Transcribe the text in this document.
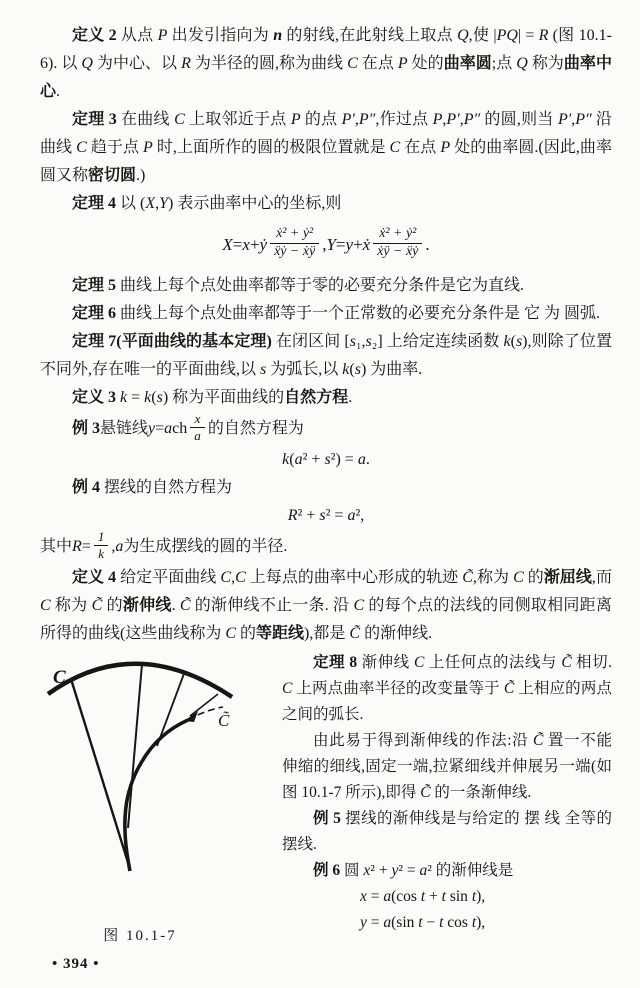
定义 2 从点 P 出发引指向为 n 的射线,在此射线上取点 Q,使 |PQ| = R (图 10.1-6). 以 Q 为中心、以 R 为半径的圆,称为曲线 C 在点 P 处的曲率圆;点 Q 称为曲率中心.

定理 3 在曲线 C 上取邻近于点 P 的点 P′,P″,作过点 P,P′,P″ 的圆,则当 P′,P″ 沿曲线 C 趋于点 P 时,上面所作的圆的极限位置就是 C 在点 P 处的曲率圆.(因此,曲率圆又称密切圆.)

定理 4 以 (X,Y) 表示曲率中心的坐标,则

X = x + ẏ $\frac{\text{ẋ² + ẏ²}}{\text{ẍẏ − ẋÿ}}$ , Y = y + ẋ $\frac{\text{ẋ² + ẏ²}}{\text{ẋÿ − ẍẏ}}$ .

定理 5 曲线上每个点处曲率都等于零的必要充分条件是它为直线.

定理 6 曲线上每个点处曲率都等于一个正常数的必要充分条件是 它 为 圆弧.

定理 7(平面曲线的基本定理) 在闭区间 [s₁,s₂] 上给定连续函数 k(s),则除了位置不同外,存在唯一的平面曲线,以 s 为弧长,以 k(s) 为曲率.

定义 3 k = k(s) 称为平面曲线的自然方程.

例 3 悬链线 y = a ch $\frac{x}{a}$ 的自然方程为

k(a² + s²) = a.

例 4 摆线的自然方程为

R² + s² = a²,

其中 $R = \frac{1}{k}$ , a 为生成摆线的圆的半径.

定义 4 给定平面曲线 C,C 上每点的曲率中心形成的轨迹 C̃,称为 C 的渐屈线,而 C 称为 C̃ 的渐伸线. C̃ 的渐伸线不止一条. 沿 C 的每个点的法线的同侧取相同距离所得的曲线(这些曲线称为 C 的等距线),都是 C̃ 的渐伸线.

C
C̃
图 10.1-7

定理 8 渐伸线 C 上任何点的法线与 C̃ 相切. C 上两点曲率半径的改变量等于 C̃ 上相应的两点之间的弧长.

由此易于得到渐伸线的作法:沿 C̃ 置一不能伸缩的细线,固定一端,拉紧细线并伸展另一端(如图 10.1-7 所示),即得 C̃ 的一条渐伸线.

例 5 摆线的渐伸线是与给定的 摆 线 全等的摆线.

例 6 圆 x² + y² = a² 的渐伸线是

x = a(cos t + t sin t),

y = a(sin t − t cos t),

• 394 •
